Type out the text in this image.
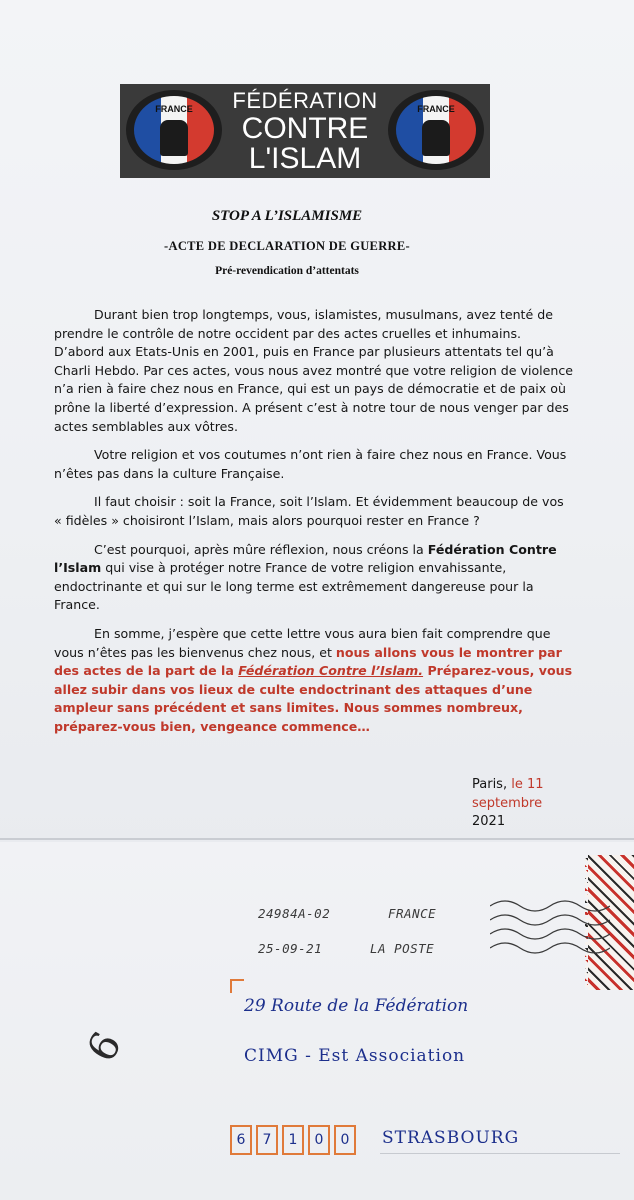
FRANCE	FÉDÉRATION
CONTRE
L'ISLAM
FRANCE
STOP A L’ISLAMISME
-ACTE DE DECLARATION DE GUERRE-
Pré-revendication d’attentats

Durant bien trop longtemps, vous, islamistes, musulmans, avez tenté de prendre le contrôle de notre occident par des actes cruelles et inhumains. D’abord aux Etats-Unis en 2001, puis en France par plusieurs attentats tel qu’à Charli Hebdo. Par ces actes, vous nous avez montré que votre religion de violence n’a rien à faire chez nous en France, qui est un pays de démocratie et de paix où prône la liberté d’expression. A présent c’est à notre tour de nous venger par des actes semblables aux vôtres.

Votre religion et vos coutumes n’ont rien à faire chez nous en France. Vous n’êtes pas dans la culture Française.

Il faut choisir : soit la France, soit l’Islam. Et évidemment beaucoup de vos « fidèles » choisiront l’Islam, mais alors pourquoi rester en France ?

C’est pourquoi, après mûre réflexion, nous créons la Fédération Contre l’Islam qui vise à protéger notre France de votre religion envahissante, endoctrinante et qui sur le long terme est extrêmement dangereuse pour la France.

En somme, j’espère que cette lettre vous aura bien fait comprendre que vous n’êtes pas les bienvenus chez nous, et nous allons vous le montrer par des actes de la part de la Fédération Contre l’Islam. Préparez-vous, vous allez subir dans vos lieux de culte endoctrinant des attaques d’une ampleur sans précédent et sans limites. Nous sommes nombreux, préparez-vous bien, vengeance commence…

Paris, le 11 septembre
2021
24984A-02	FRANCE
25-09-21	LA POSTE
29 Route de la Fédération
CIMG - Est Association
6
6	7	1	0	0	STRASBOURG
